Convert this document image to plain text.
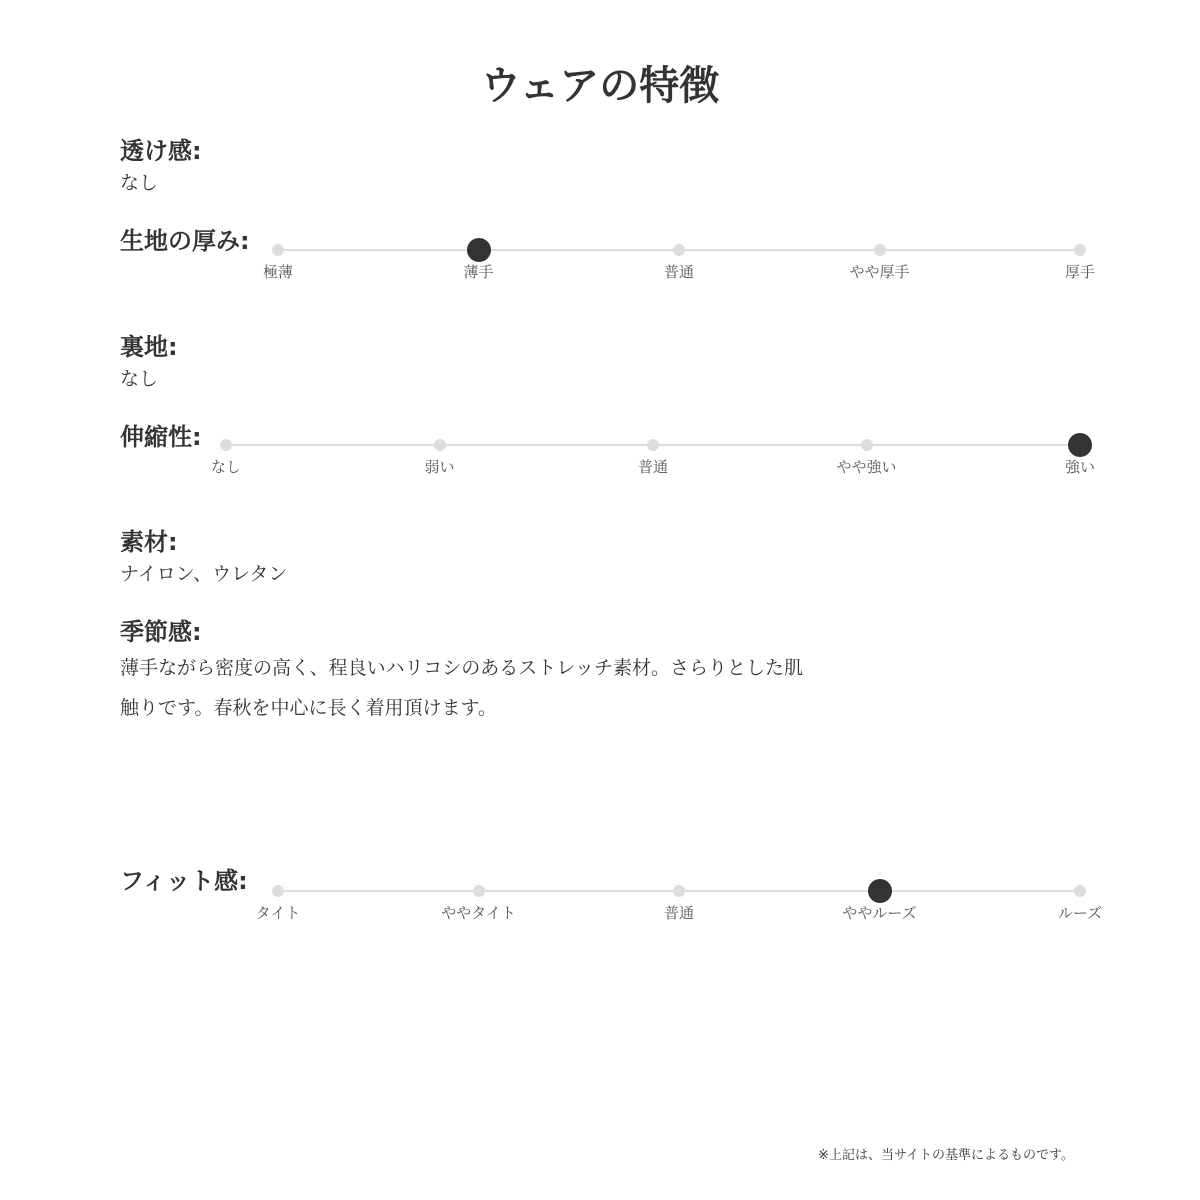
ウェアの特徴
透け感:
なし
生地の厚み:
裏地:
なし
伸縮性:
素材:
ナイロン、ウレタン
季節感:
薄手ながら密度の高く、程良いハリコシのあるストレッチ素材。さらりとした肌
触りです。春秋を中心に長く着用頂けます。
フィット感:
※上記は、当サイトの基準によるものです。
極薄	薄手	普通	やや厚手	厚手
なし	弱い	普通	やや強い	強い
タイト	ややタイト	普通	ややルーズ	ルーズ
